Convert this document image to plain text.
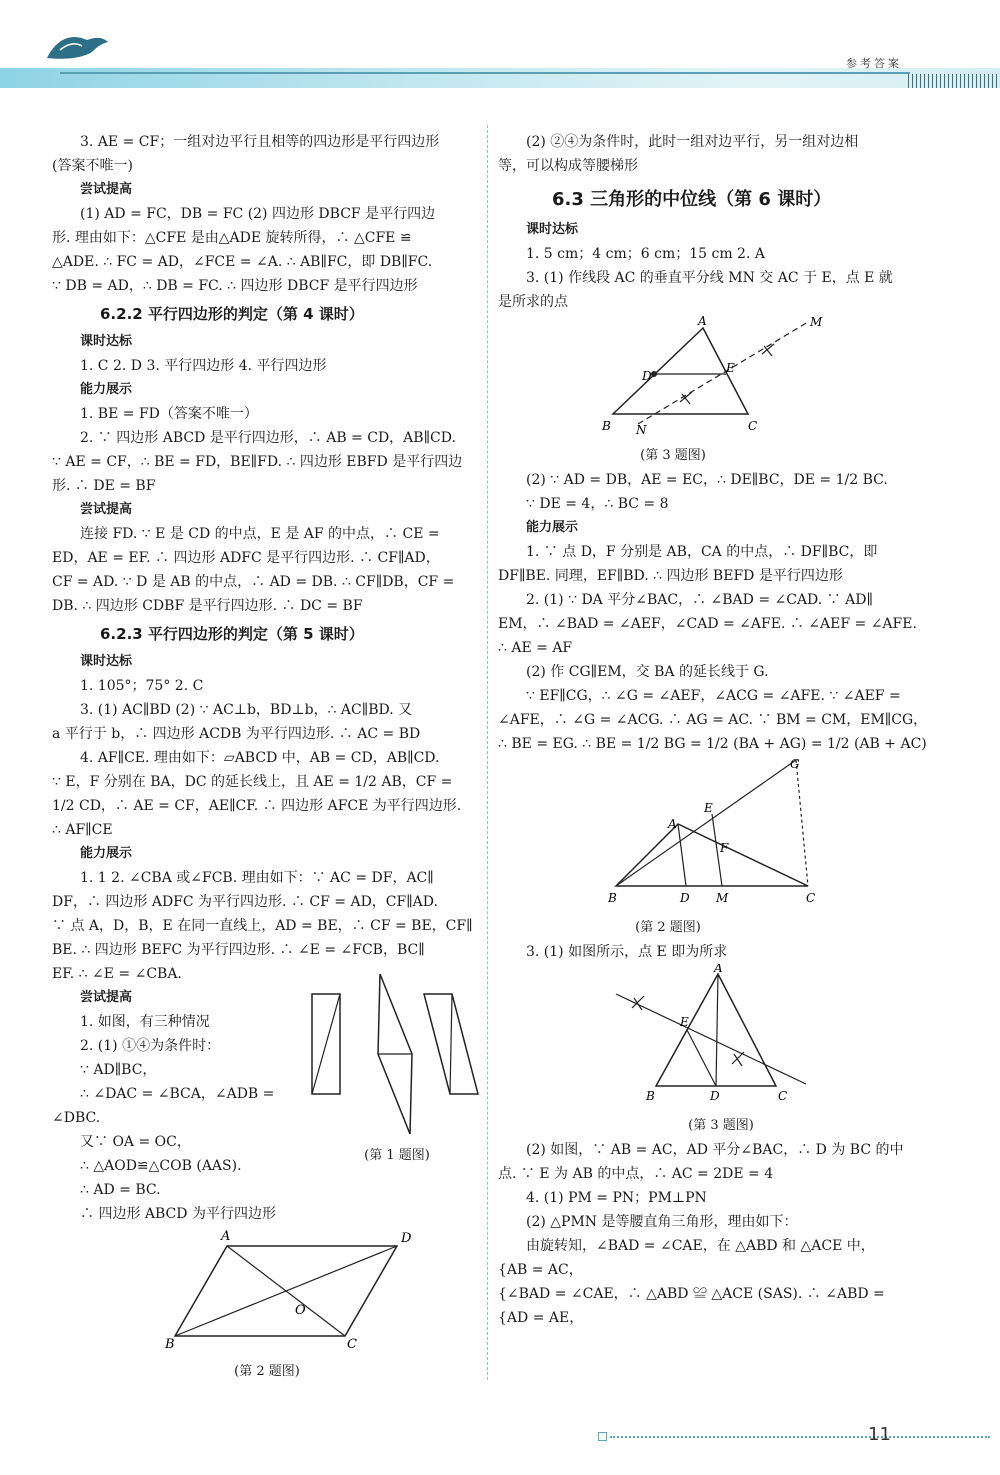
参考答案
3. AE = CF；一组对边平行且相等的四边形是平行四边形
(答案不唯一)
尝试提高
(1) AD = FC，DB = FC (2) 四边形 DBCF 是平行四边
形. 理由如下：△CFE 是由△ADE 旋转所得，∴ △CFE ≌
△ADE. ∴ FC = AD，∠FCE = ∠A. ∴ AB∥FC，即 DB∥FC.
∵ DB = AD，∴ DB = FC. ∴ 四边形 DBCF 是平行四边形
6.2.2 平行四边形的判定（第 4 课时）
课时达标
1. C 2. D 3. 平行四边形 4. 平行四边形
能力展示
1. BE = FD（答案不唯一）
2. ∵ 四边形 ABCD 是平行四边形，∴ AB = CD，AB∥CD.
∵ AE = CF，∴ BE = FD，BE∥FD. ∴ 四边形 EBFD 是平行四边
形. ∴ DE = BF
尝试提高
连接 FD. ∵ E 是 CD 的中点，E 是 AF 的中点，∴ CE =
ED，AE = EF. ∴ 四边形 ADFC 是平行四边形. ∴ CF∥AD，
CF = AD. ∵ D 是 AB 的中点，∴ AD = DB. ∴ CF∥DB，CF =
DB. ∴ 四边形 CDBF 是平行四边形. ∴ DC = BF
6.2.3 平行四边形的判定（第 5 课时）
课时达标
1. 105°；75° 2. C
3. (1) AC∥BD (2) ∵ AC⊥b，BD⊥b，∴ AC∥BD. 又
a 平行于 b，∴ 四边形 ACDB 为平行四边形. ∴ AC = BD
4. AF∥CE. 理由如下：▱ABCD 中，AB = CD，AB∥CD.
∵ E，F 分别在 BA，DC 的延长线上，且 AE = 1/2 AB，CF =
1/2 CD，∴ AE = CF，AE∥CF. ∴ 四边形 AFCE 为平行四边形.
∴ AF∥CE
能力展示
1. 1 2. ∠CBA 或∠FCB. 理由如下：∵ AC = DF，AC∥
DF，∴ 四边形 ADFC 为平行四边形. ∴ CF = AD，CF∥AD.
∵ 点 A，D，B，E 在同一直线上，AD = BE，∴ CF = BE，CF∥
BE. ∴ 四边形 BEFC 为平行四边形. ∴ ∠E = ∠FCB，BC∥
EF. ∴ ∠E = ∠CBA.
尝试提高
1. 如图，有三种情况
2. (1) ①④为条件时：
∵ AD∥BC，
∴ ∠DAC = ∠BCA，∠ADB =
∠DBC.
又∵ OA = OC，
∴ △AOD≌△COB (AAS).
∴ AD = BC.
(第 1 题图)
∴ 四边形 ABCD 为平行四边形
A	D
B	C
O
(第 2 题图)
(2) ②④为条件时，此时一组对边平行，另一组对边相
等，可以构成等腰梯形
6.3 三角形的中位线（第 6 课时）
课时达标
1. 5 cm；4 cm；6 cm；15 cm 2. A
3. (1) 作线段 AC 的垂直平分线 MN 交 AC 于 E，点 E 就
是所求的点
A
D
E
M
B N	C
(第 3 题图)
(2) ∵ AD = DB，AE = EC，∴ DE∥BC，DE = 1/2 BC.
∵ DE = 4，∴ BC = 8
能力展示
1. ∵ 点 D，F 分别是 AB，CA 的中点，∴ DF∥BC，即
DF∥BE. 同理，EF∥BD. ∴ 四边形 BEFD 是平行四边形
2. (1) ∵ DA 平分∠BAC，∴ ∠BAD = ∠CAD. ∵ AD∥
EM，∴ ∠BAD = ∠AEF，∠CAD = ∠AFE. ∴ ∠AEF = ∠AFE.
∴ AE = AF
(2) 作 CG∥EM，交 BA 的延长线于 G.
∵ EF∥CG，∴ ∠G = ∠AEF，∠ACG = ∠AFE. ∵ ∠AEF =
∠AFE，∴ ∠G = ∠ACG. ∴ AG = AC. ∵ BM = CM，EM∥CG，
∴ BE = EG. ∴ BE = 1/2 BG = 1/2 (BA + AG) = 1/2 (AB + AC)
G
E
A
F
B	D M	C
(第 2 题图)
3. (1) 如图所示，点 E 即为所求
A
E
B	D	C
(第 3 题图)
(2) 如图，∵ AB = AC，AD 平分∠BAC，∴ D 为 BC 的中
点. ∵ E 为 AB 的中点，∴ AC = 2DE = 4
4. (1) PM = PN；PM⊥PN
(2) △PMN 是等腰直角三角形，理由如下：
由旋转知，∠BAD = ∠CAE，在 △ABD 和 △ACE 中，
{AB = AC，
{∠BAD = ∠CAE，∴ △ABD ≌ △ACE (SAS). ∴ ∠ABD =
{AD = AE，
11
